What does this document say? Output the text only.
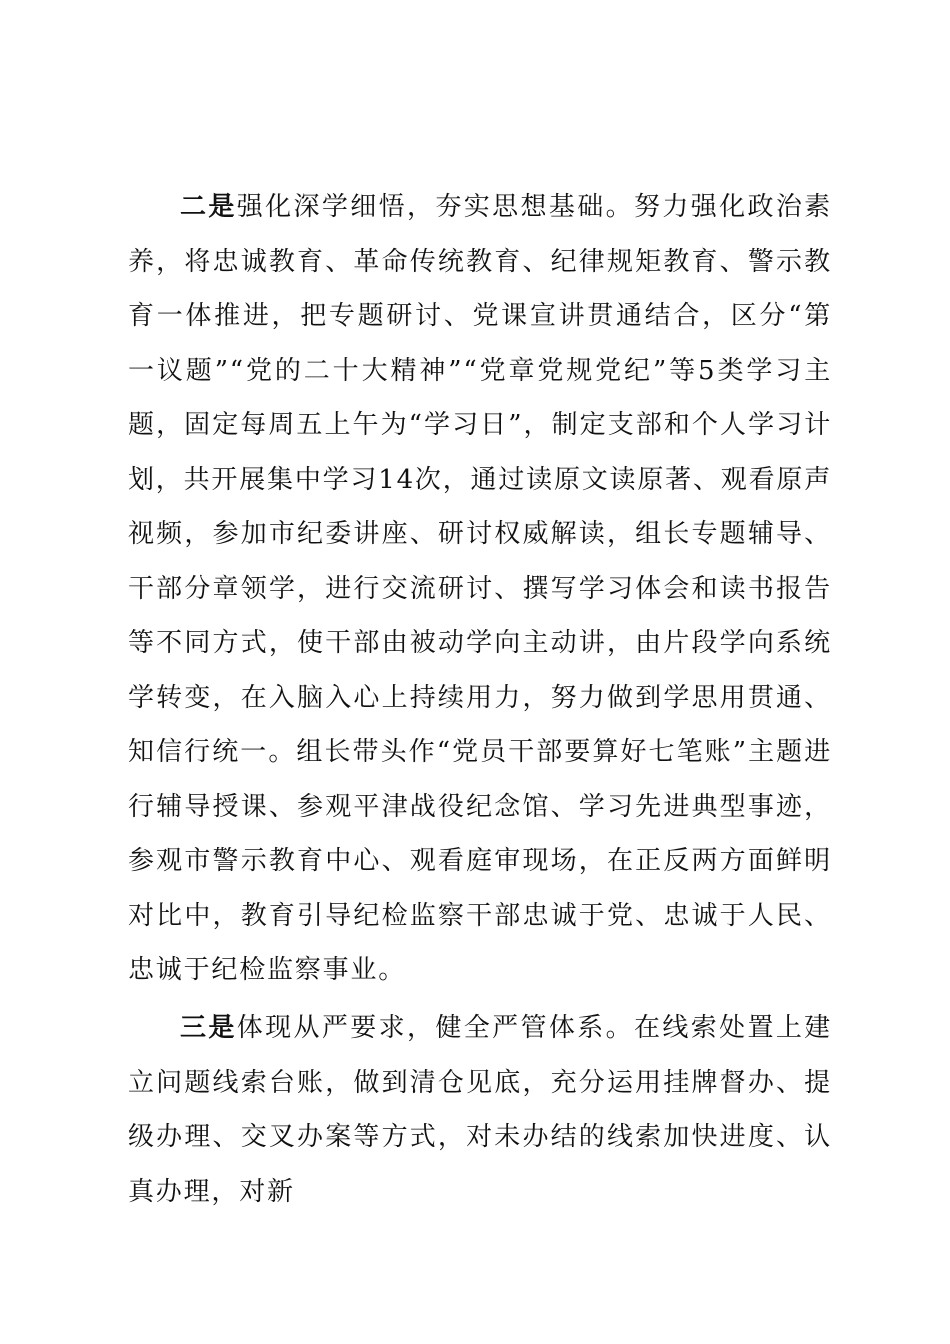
二是强化深学细悟，夯实思想基础。努力强化政治素养，将忠诚教育、革命传统教育、纪律规矩教育、警示教育一体推进，把专题研讨、党课宣讲贯通结合，区分“第一议题”“党的二十大精神”“党章党规党纪”等5类学习主题，固定每周五上午为“学习日”，制定支部和个人学习计划，共开展集中学习14次，通过读原文读原著、观看原声视频，参加市纪委讲座、研讨权威解读，组长专题辅导、干部分章领学，进行交流研讨、撰写学习体会和读书报告等不同方式，使干部由被动学向主动讲，由片段学向系统学转变，在入脑入心上持续用力，努力做到学思用贯通、知信行统一。组长带头作“党员干部要算好七笔账”主题进行辅导授课、参观平津战役纪念馆、学习先进典型事迹，参观市警示教育中心、观看庭审现场，在正反两方面鲜明对比中，教育引导纪检监察干部忠诚于党、忠诚于人民、忠诚于纪检监察事业。

三是体现从严要求，健全严管体系。在线索处置上建立问题线索台账，做到清仓见底，充分运用挂牌督办、提级办理、交叉办案等方式，对未办结的线索加快进度、认真办理，对新
